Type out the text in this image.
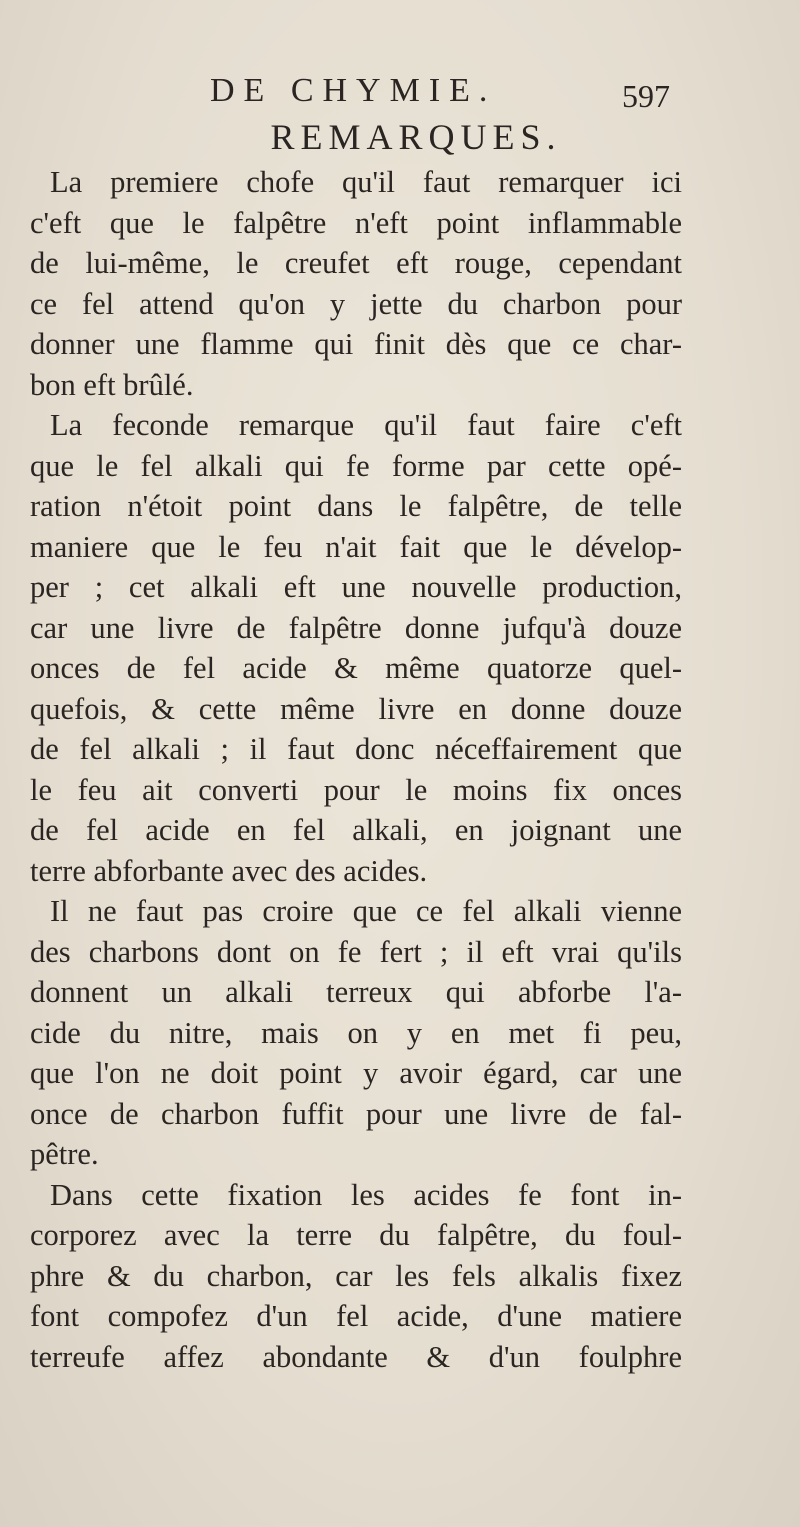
DE CHYMIE.	597
REMARQUES.
La premiere chofe qu'il faut remarquer ici
c'eft que le falpêtre n'eft point inflammable
de lui-même, le creufet eft rouge, cependant
ce fel attend qu'on y jette du charbon pour
donner une flamme qui finit dès que ce char-
bon eft brûlé.
La feconde remarque qu'il faut faire c'eft
que le fel alkali qui fe forme par cette opé-
ration n'étoit point dans le falpêtre, de telle
maniere que le feu n'ait fait que le dévelop-
per ; cet alkali eft une nouvelle production,
car une livre de falpêtre donne jufqu'à douze
onces de fel acide & même quatorze quel-
quefois, & cette même livre en donne douze
de fel alkali ; il faut donc néceffairement que
le feu ait converti pour le moins fix onces
de fel acide en fel alkali, en joignant une
terre abforbante avec des acides.
Il ne faut pas croire que ce fel alkali vienne
des charbons dont on fe fert ; il eft vrai qu'ils
donnent un alkali terreux qui abforbe l'a-
cide du nitre, mais on y en met fi peu,
que l'on ne doit point y avoir égard, car une
once de charbon fuffit pour une livre de fal-
pêtre.
Dans cette fixation les acides fe font in-
corporez avec la terre du falpêtre, du foul-
phre & du charbon, car les fels alkalis fixez
font compofez d'un fel acide, d'une matiere
terreufe affez abondante & d'un foulphre
